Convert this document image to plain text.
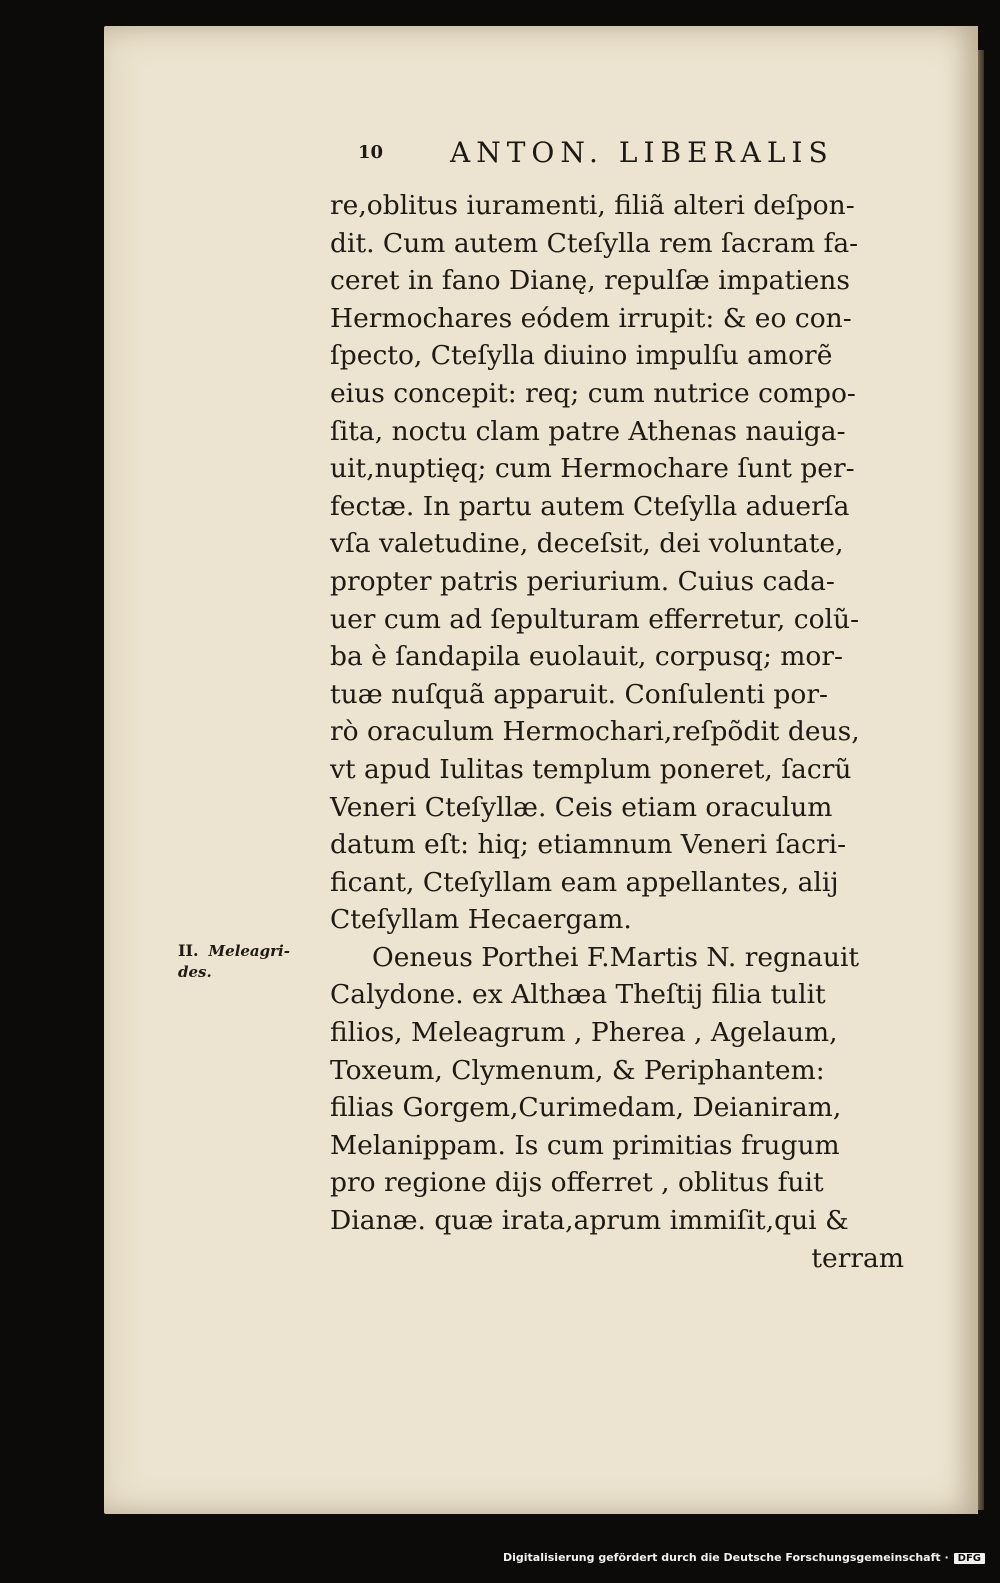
10 ANTON. LIBERALIS
II. Meleagri-
des.
re,oblitus iuramenti, filiã alteri deſpon-
dit. Cum autem Cteſylla rem ſacram fa-
ceret in fano Dianę, repulſæ impatiens
Hermochares eódem irrupit: & eo con-
ſpecto, Cteſylla diuino impulſu amorẽ
eius concepit: req; cum nutrice compo-
ſita, noctu clam patre Athenas nauiga-
uit,nuptięq; cum Hermochare ſunt per-
fectæ. In partu autem Cteſylla aduerſa
vſa valetudine, deceſsit, dei voluntate,
propter patris periurium. Cuius cada-
uer cum ad ſepulturam efferretur, colũ-
ba è ſandapila euolauit, corpusq; mor-
tuæ nuſquã apparuit. Conſulenti por-
rò oraculum Hermochari,reſpõdit deus,
vt apud Iulitas templum poneret, ſacrũ
Veneri Cteſyllæ. Ceis etiam oraculum
datum eſt: hiq; etiamnum Veneri ſacri-
ficant, Cteſyllam eam appellantes, alij
Cteſyllam Hecaergam.
Oeneus Porthei F.Martis N. regnauit
Calydone. ex Althæa Theſtij filia tulit
filios, Meleagrum , Pherea , Agelaum,
Toxeum, Clymenum, & Periphantem:
filias Gorgem,Curimedam, Deianiram,
Melanippam. Is cum primitias frugum
pro regione dijs offerret , oblitus fuit
Dianæ. quæ irata,aprum immiſit,qui &
terram
Digitalisierung gefördert durch die Deutsche Forschungsgemeinschaft · DFG
